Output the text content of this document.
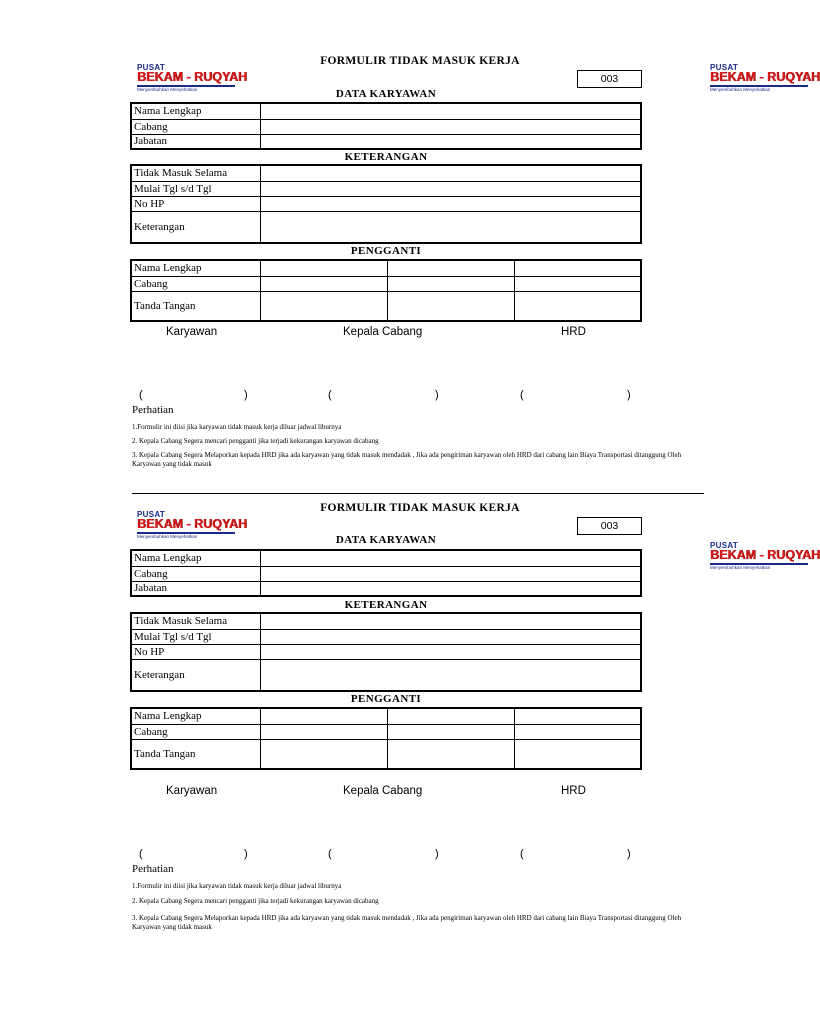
PUSAT
BEKAM - RUQYAH
Menyembuhkan Menyehatkan
PUSAT
BEKAM - RUQYAH
Menyembuhkan Menyehatkan
FORMULIR TIDAK MASUK KERJA
003
DATA KARYAWAN
Nama Lengkap	
Cabang	
Jabatan	
KETERANGAN
Tidak Masuk Selama	
Mulai Tgl s/d Tgl	
No HP	
Keterangan	
PENGGANTI
Nama Lengkap			
Cabang			
Tanda Tangan			
Karyawan	Kepala Cabang	HRD
(	)	(	)	(	)
Perhatian
1.Formulir ini diisi jika karyawan tidak masuk kerja diluar jadwal liburnya
2. Kepala Cabang Segera mencari pengganti jika terjadi kekurangan karyawan dicabang
3. Kepala Cabang Segera Melaporkan kepada HRD jika ada karyawan yang tidak masuk mendadak , Jika ada pengiriman karyawan oleh HRD dari cabang lain Biaya Transportasi ditanggung Oleh Karyawan yang tidak masuk
PUSAT
BEKAM - RUQYAH
Menyembuhkan Menyehatkan
PUSAT
BEKAM - RUQYAH
Menyembuhkan Menyehatkan
FORMULIR TIDAK MASUK KERJA
003
DATA KARYAWAN
Nama Lengkap	
Cabang	
Jabatan	
KETERANGAN
Tidak Masuk Selama	
Mulai Tgl s/d Tgl	
No HP	
Keterangan	
PENGGANTI
Nama Lengkap			
Cabang			
Tanda Tangan			
Karyawan	Kepala Cabang	HRD
(	)	(	)	(	)
Perhatian
1.Formulir ini diisi jika karyawan tidak masuk kerja diluar jadwal liburnya
2. Kepala Cabang Segera mencari pengganti jika terjadi kekurangan karyawan dicabang
3. Kepala Cabang Segera Melaporkan kepada HRD jika ada karyawan yang tidak masuk mendadak , Jika ada pengiriman karyawan oleh HRD dari cabang lain Biaya Transportasi ditanggung Oleh Karyawan yang tidak masuk
